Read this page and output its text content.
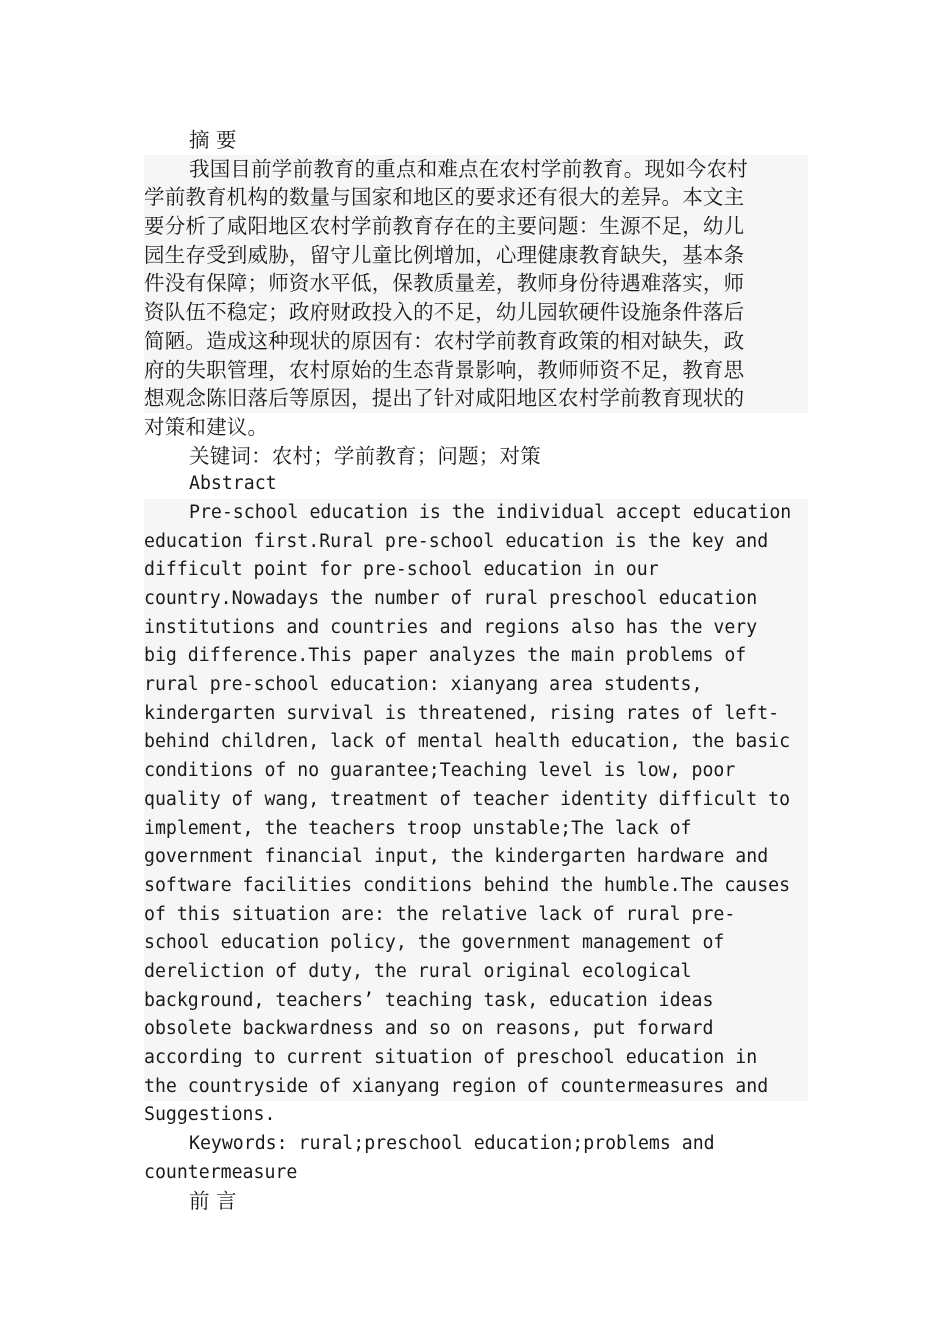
摘 要
我国目前学前教育的重点和难点在农村学前教育。现如今农村
学前教育机构的数量与国家和地区的要求还有很大的差异。本文主
要分析了咸阳地区农村学前教育存在的主要问题：生源不足，幼儿
园生存受到威胁，留守儿童比例增加，心理健康教育缺失，基本条
件没有保障；师资水平低，保教质量差，教师身份待遇难落实，师
资队伍不稳定；政府财政投入的不足，幼儿园软硬件设施条件落后
简陋。造成这种现状的原因有：农村学前教育政策的相对缺失，政
府的失职管理，农村原始的生态背景影响，教师师资不足，教育思
想观念陈旧落后等原因，提出了针对咸阳地区农村学前教育现状的
对策和建议。
关键词：农村；学前教育；问题；对策
Abstract
Pre-school education is the individual accept education
education first.Rural pre-school education is the key and
difficult point for pre-school education in our
country.Nowadays the number of rural preschool education
institutions and countries and regions also has the very
big difference.This paper analyzes the main problems of
rural pre-school education: xianyang area students,
kindergarten survival is threatened, rising rates of left-
behind children, lack of mental health education, the basic
conditions of no guarantee;Teaching level is low, poor
quality of wang, treatment of teacher identity difficult to
implement, the teachers troop unstable;The lack of
government financial input, the kindergarten hardware and
software facilities conditions behind the humble.The causes
of this situation are: the relative lack of rural pre-
school education policy, the government management of
dereliction of duty, the rural original ecological
background, teachers’ teaching task, education ideas
obsolete backwardness and so on reasons, put forward
according to current situation of preschool education in
the countryside of xianyang region of countermeasures and
Suggestions.
Keywords: rural;preschool education;problems and
countermeasure
前 言
